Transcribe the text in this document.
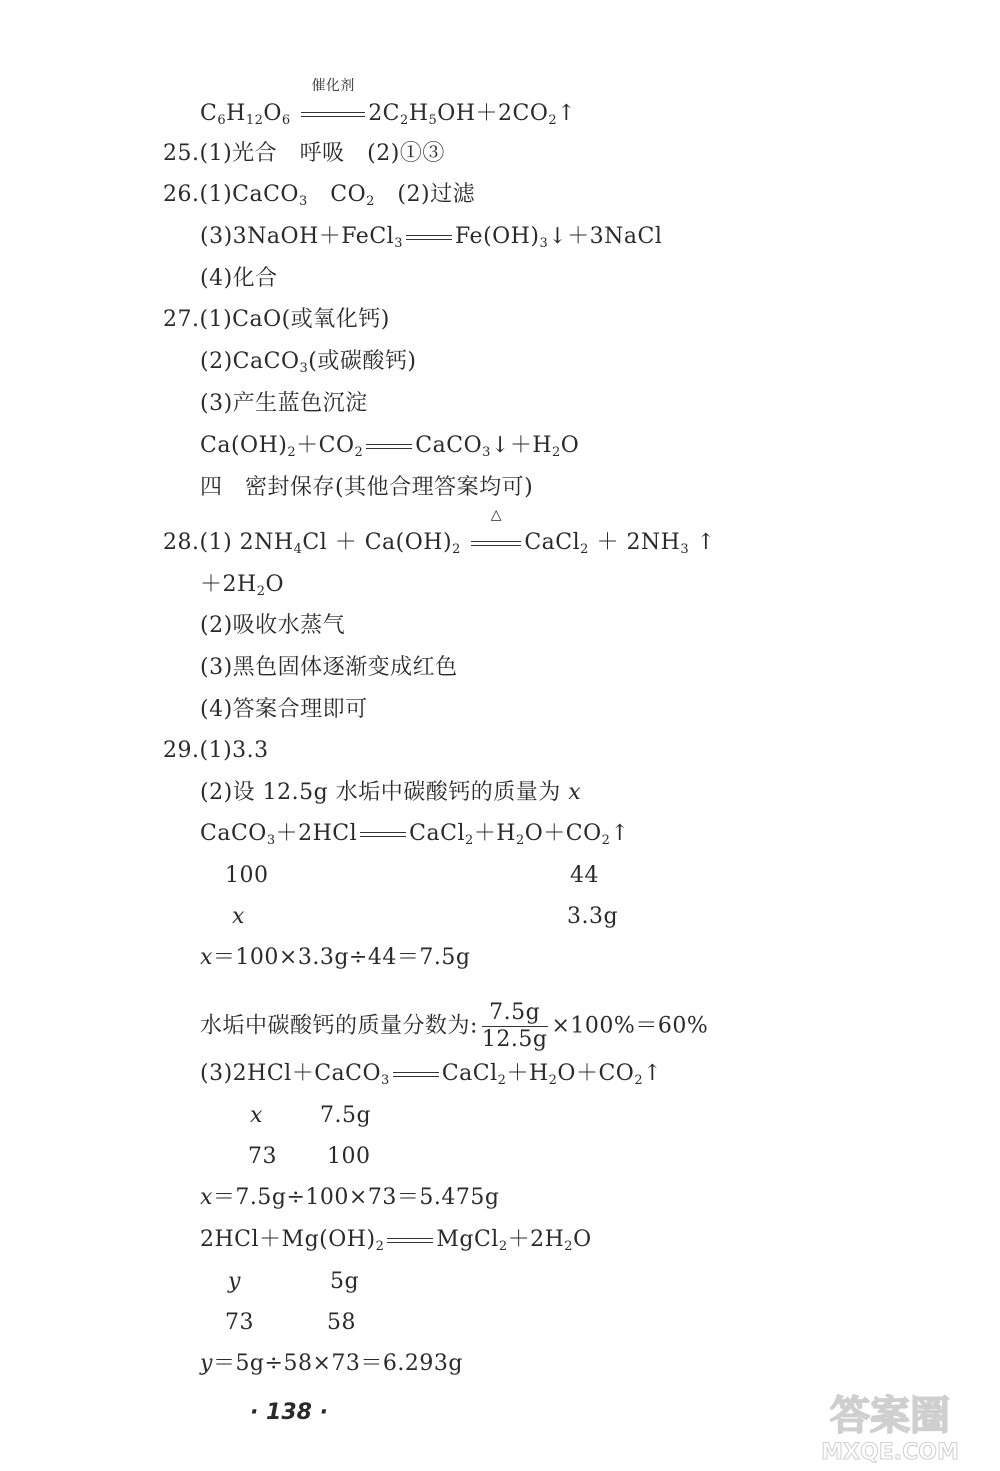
$C_6H_{12}O_6$
催化剂
$2C_2H_5OH+2CO_2↑$
25.(1)光合　呼吸　(2)①③
26.(1)CaCO$_3$　$CO_2$　(2)过滤
(3)3NaOH＋FeCl$_3$ $Fe(OH)_3↓+3NaCl$
(4)化合
27.(1)CaO(或氧化钙)
(2)CaCO$_3$(或碳酸钙)
(3)产生蓝色沉淀
$Ca(OH)_2+CO_2$ $CaCO_3↓+H_2O$
四　密封保存(其他合理答案均可)
28.(1) $2NH_4Cl + Ca(OH)_2$
△
CaCl$_2$ ＋ $2NH_3$ ↑
$+2H_2O$
(2)吸收水蒸气
(3)黑色固体逐渐变成红色
(4)答案合理即可
29.(1)3.3
(2)设 12.5g 水垢中碳酸钙的质量为 x
CaCO$_3$＋2HCl $CaCl_2+H_2O+CO_2↑$
100	44
x	3.3g
x＝100×3.3g÷44＝7.5g
水垢中碳酸钙的质量分数为: $\frac{7.5g}{12.5g} \times 100\%=60\%$
(3)2HCl＋CaCO$_3$ $CaCl_2+H_2O+CO_2↑$
x	7.5g
73 100
x＝7.5g÷100×73＝5.475g
$2HCl+Mg(OH)_2$ $MgCl_2+2H_2O$
y	5g
73	58
y＝5g÷58×73＝6.293g
· 138 ·	答案圈
MXQE.COM
